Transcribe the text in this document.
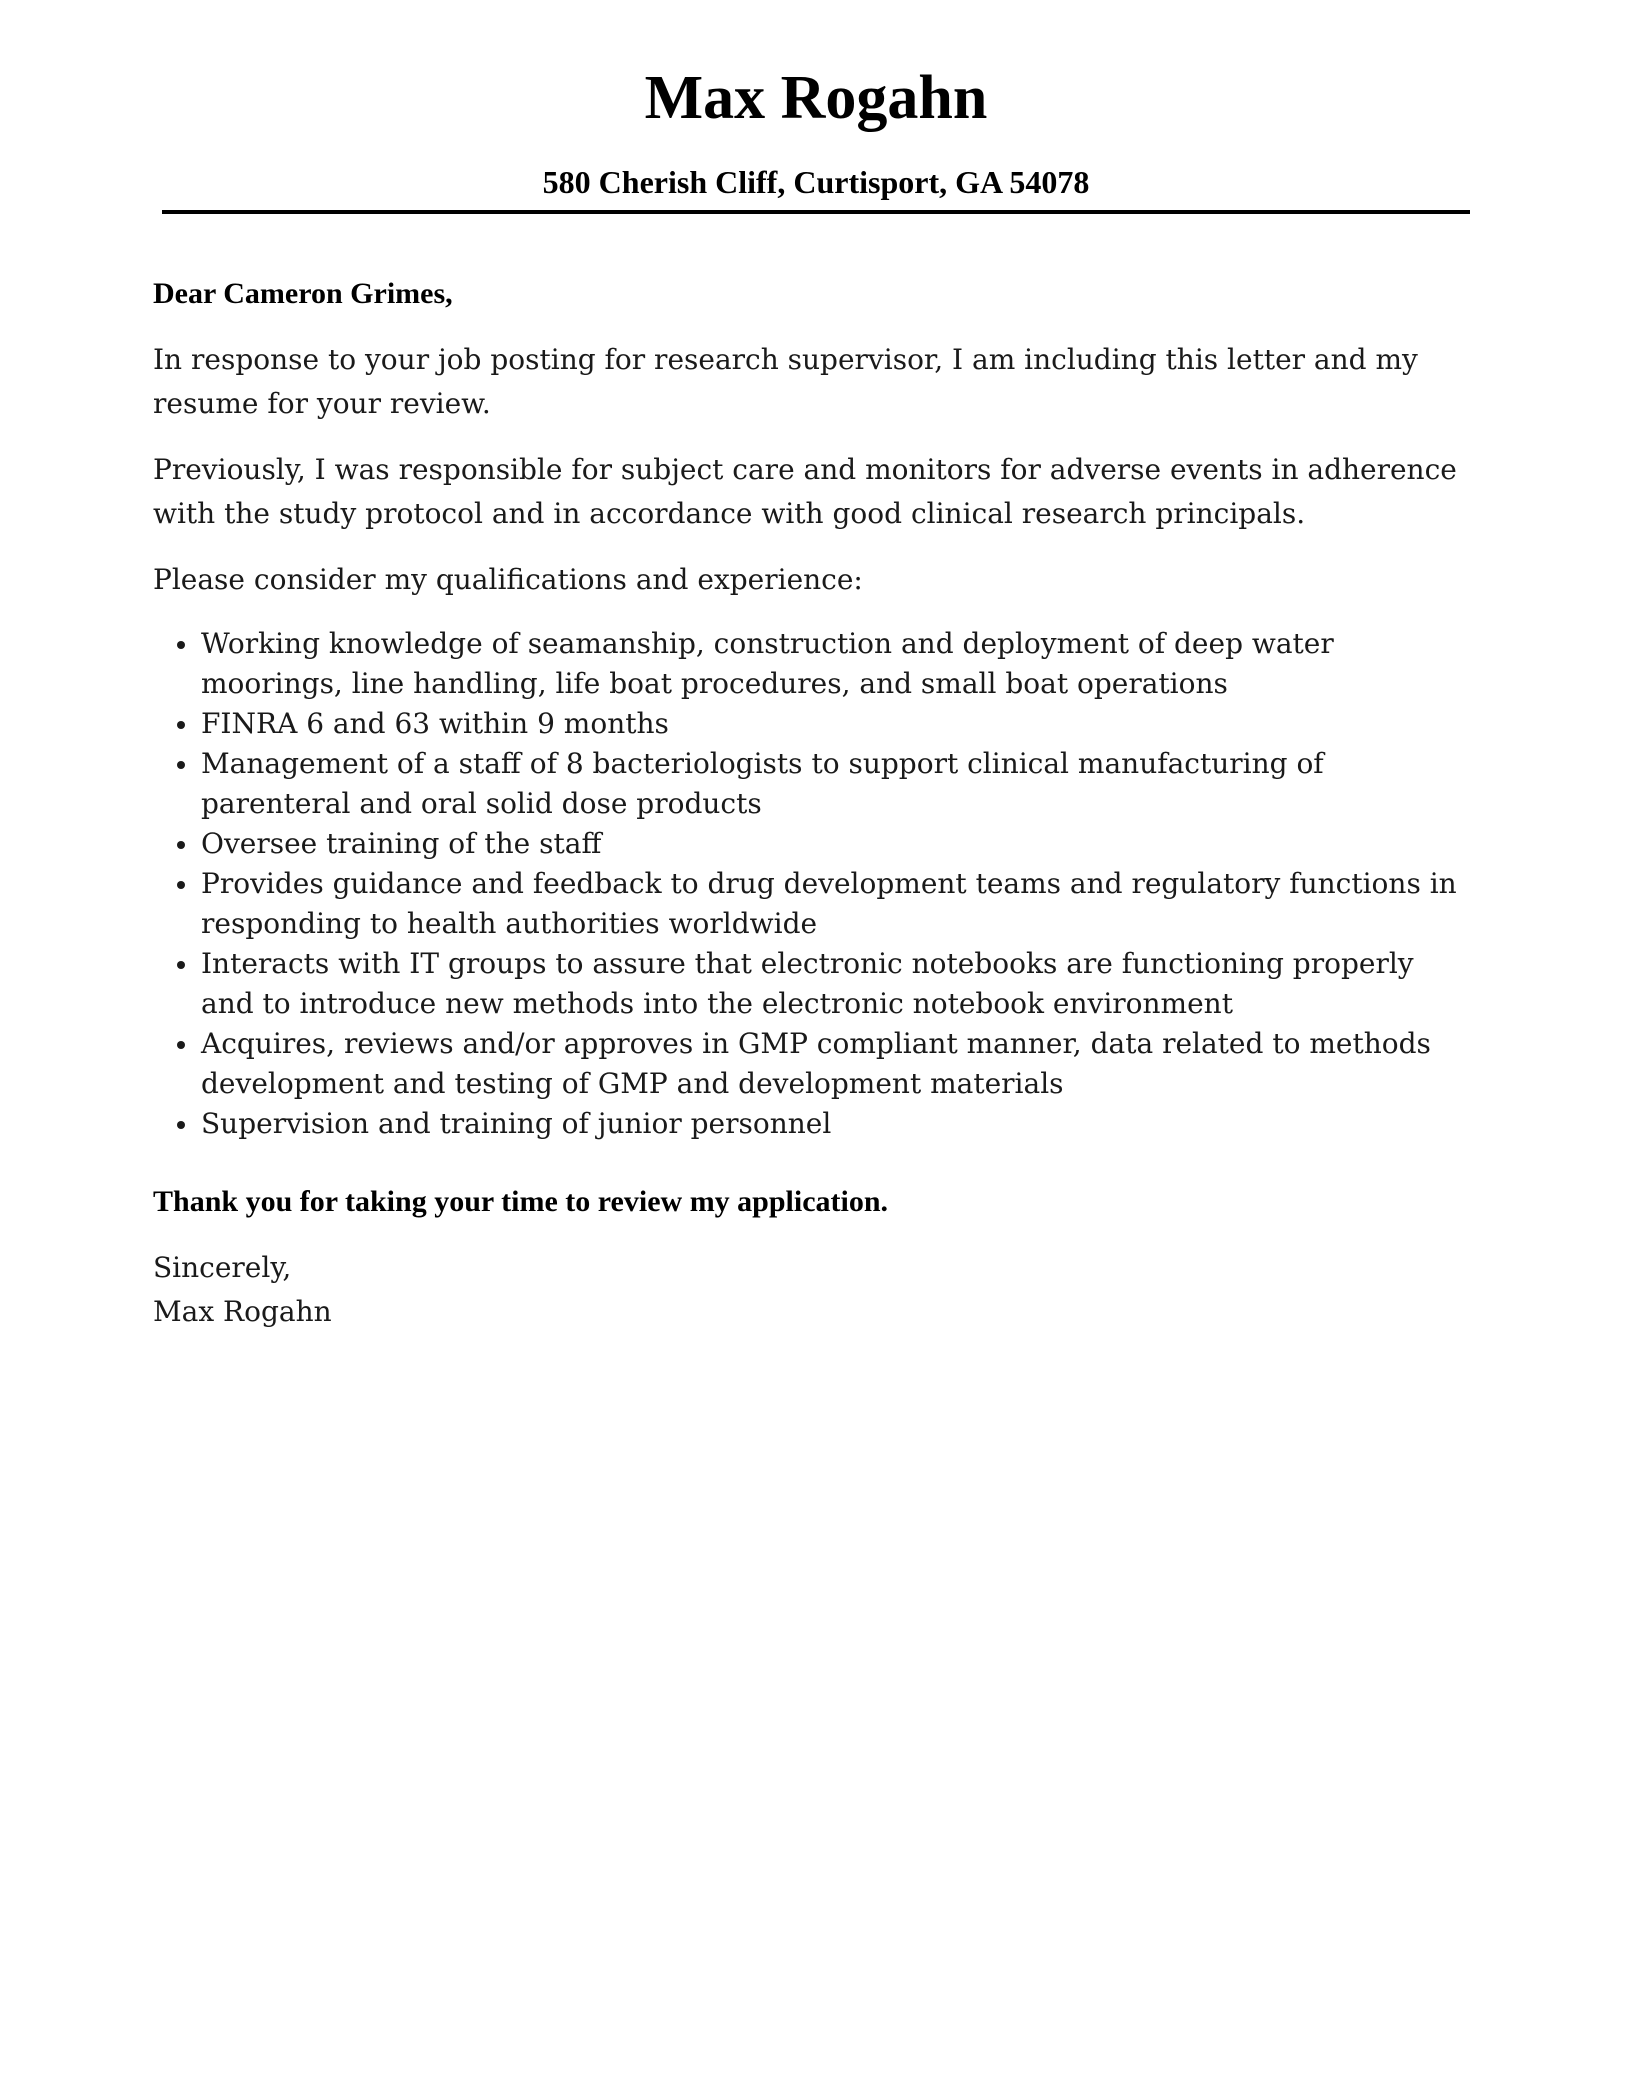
Max Rogahn
580 Cherish Cliff, Curtisport, GA 54078

Dear Cameron Grimes,

In response to your job posting for research supervisor, I am including this letter and my resume for your review.

Previously, I was responsible for subject care and monitors for adverse events in adherence with the study protocol and in accordance with good clinical research principals.

Please consider my qualifications and experience:

Working knowledge of seamanship, construction and deployment of deep water moorings, line handling, life boat procedures, and small boat operations
FINRA 6 and 63 within 9 months
Management of a staff of 8 bacteriologists to support clinical manufacturing of parenteral and oral solid dose products
Oversee training of the staff
Provides guidance and feedback to drug development teams and regulatory functions in responding to health authorities worldwide
Interacts with IT groups to assure that electronic notebooks are functioning properly and to introduce new methods into the electronic notebook environment
Acquires, reviews and/or approves in GMP compliant manner, data related to methods development and testing of GMP and development materials
Supervision and training of junior personnel

Thank you for taking your time to review my application.

Sincerely,

Max Rogahn
